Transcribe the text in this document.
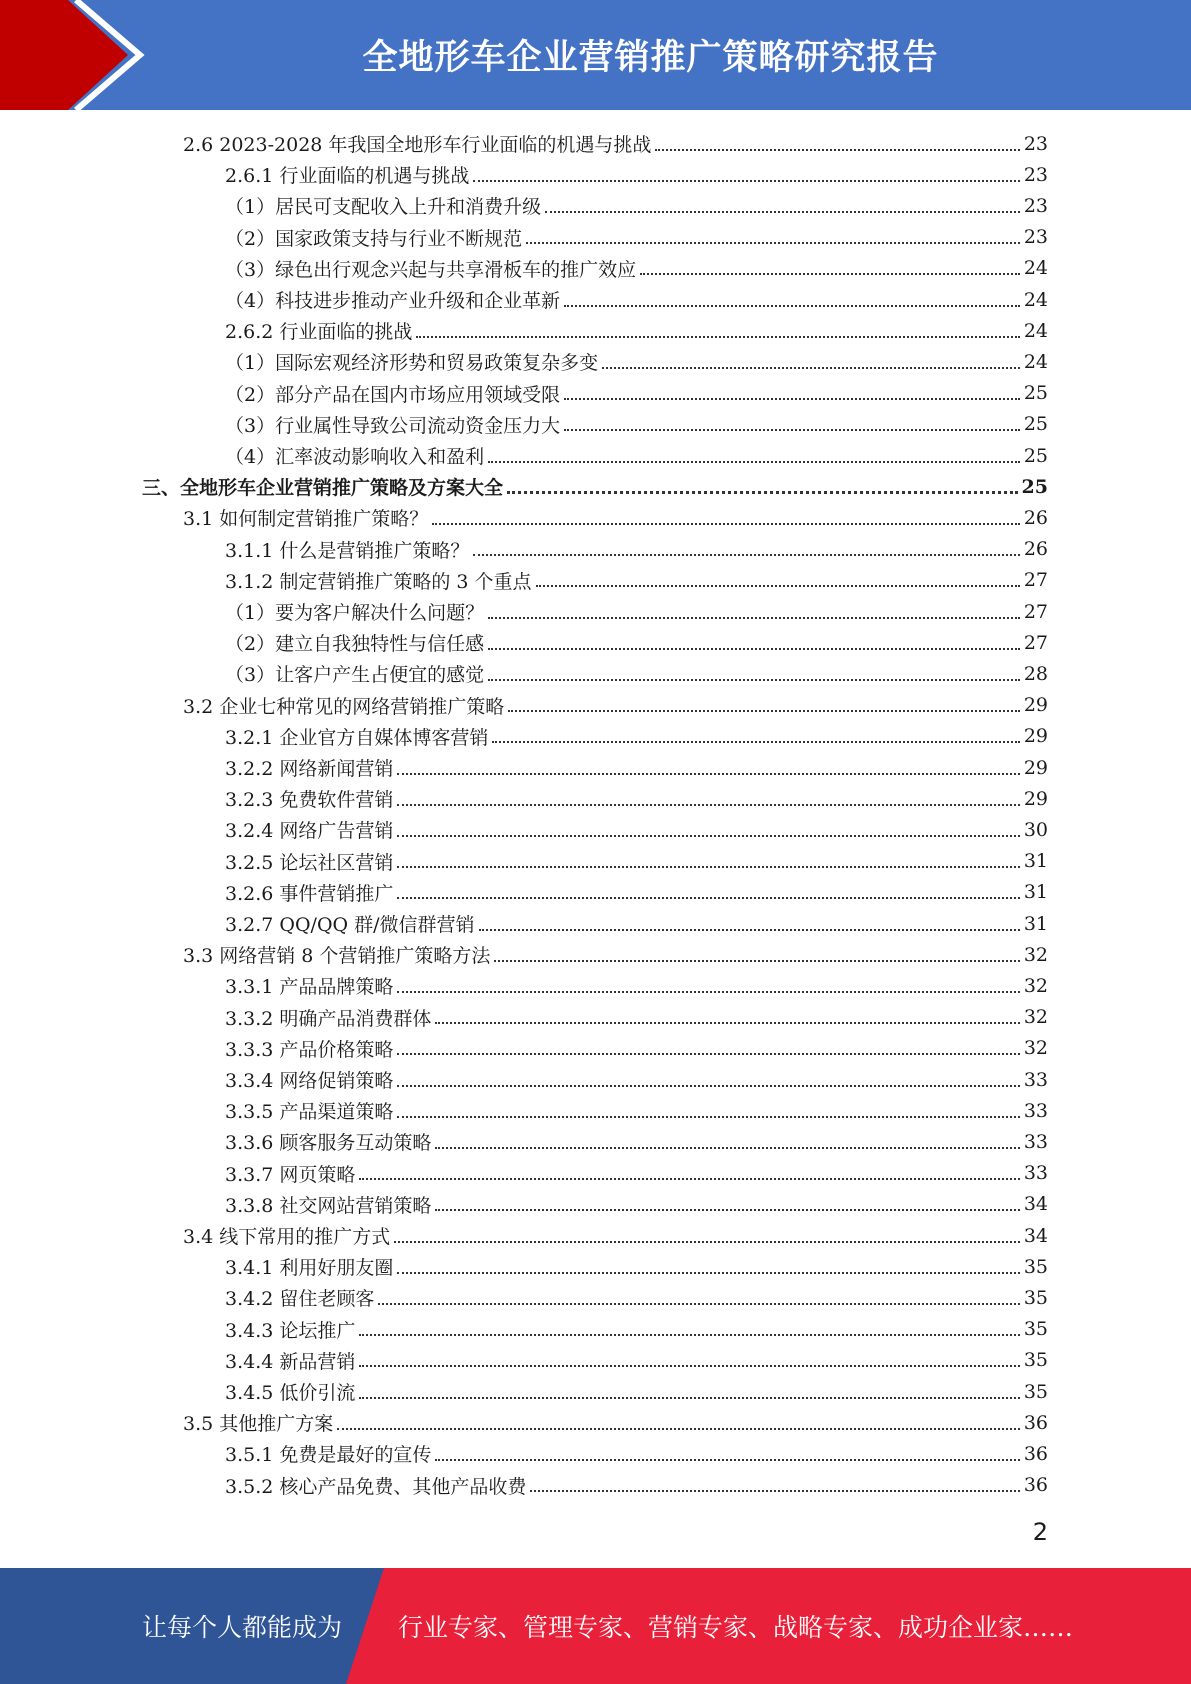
全地形车企业营销推广策略研究报告
2.6 2023-2028 年我国全地形车行业面临的机遇与挑战	23
2.6.1 行业面临的机遇与挑战	23
（1）居民可支配收入上升和消费升级	23
（2）国家政策支持与行业不断规范	23
（3）绿色出行观念兴起与共享滑板车的推广效应	24
（4）科技进步推动产业升级和企业革新	24
2.6.2 行业面临的挑战	24
（1）国际宏观经济形势和贸易政策复杂多变	24
（2）部分产品在国内市场应用领域受限	25
（3）行业属性导致公司流动资金压力大	25
（4）汇率波动影响收入和盈利	25
三、全地形车企业营销推广策略及方案大全	25
3.1 如何制定营销推广策略？	26
3.1.1 什么是营销推广策略？	26
3.1.2 制定营销推广策略的 3 个重点	27
（1）要为客户解决什么问题？	27
（2）建立自我独特性与信任感	27
（3）让客户产生占便宜的感觉	28
3.2 企业七种常见的网络营销推广策略	29
3.2.1 企业官方自媒体博客营销	29
3.2.2 网络新闻营销	29
3.2.3 免费软件营销	29
3.2.4 网络广告营销	30
3.2.5 论坛社区营销	31
3.2.6 事件营销推广	31
3.2.7 QQ/QQ 群/微信群营销	31
3.3 网络营销 8 个营销推广策略方法	32
3.3.1 产品品牌策略	32
3.3.2 明确产品消费群体	32
3.3.3 产品价格策略	32
3.3.4 网络促销策略	33
3.3.5 产品渠道策略	33
3.3.6 顾客服务互动策略	33
3.3.7 网页策略	33
3.3.8 社交网站营销策略	34
3.4 线下常用的推广方式	34
3.4.1 利用好朋友圈	35
3.4.2 留住老顾客	35
3.4.3 论坛推广	35
3.4.4 新品营销	35
3.4.5 低价引流	35
3.5 其他推广方案	36
3.5.1 免费是最好的宣传	36
3.5.2 核心产品免费、其他产品收费	36
2
让每个人都能成为 行业专家、管理专家、营销专家、战略专家、成功企业家……
